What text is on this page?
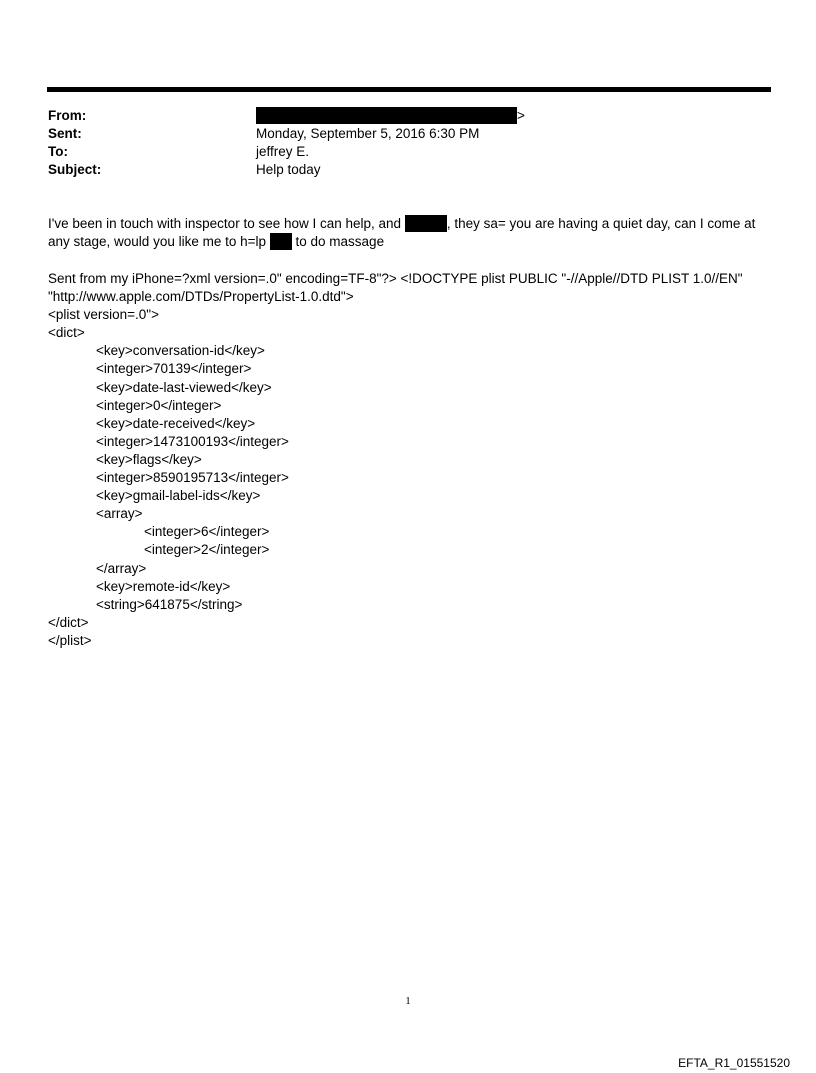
From:	>
Sent:	Monday, September 5, 2016 6:30 PM
To:	jeffrey E.
Subject:	Help today

I've been in touch with inspector to see how I can help, and	, they sa= you are having a quiet day, can I come at
any stage, would you like me to h=lp  to do massage

Sent from my iPhone=?xml version=.0" encoding=TF-8"?> <!DOCTYPE plist PUBLIC "-//Apple//DTD PLIST 1.0//EN"
"http://www.apple.com/DTDs/PropertyList-1.0.dtd">
<plist version=.0">
<dict>
<key>conversation-id</key>
<integer>70139</integer>
<key>date-last-viewed</key>
<integer>0</integer>
<key>date-received</key>
<integer>1473100193</integer>
<key>flags</key>
<integer>8590195713</integer>
<key>gmail-label-ids</key>
<array>
<integer>6</integer>
<integer>2</integer>
</array>
<key>remote-id</key>
<string>641875</string>
</dict>
</plist>
1
EFTA_R1_01551520
